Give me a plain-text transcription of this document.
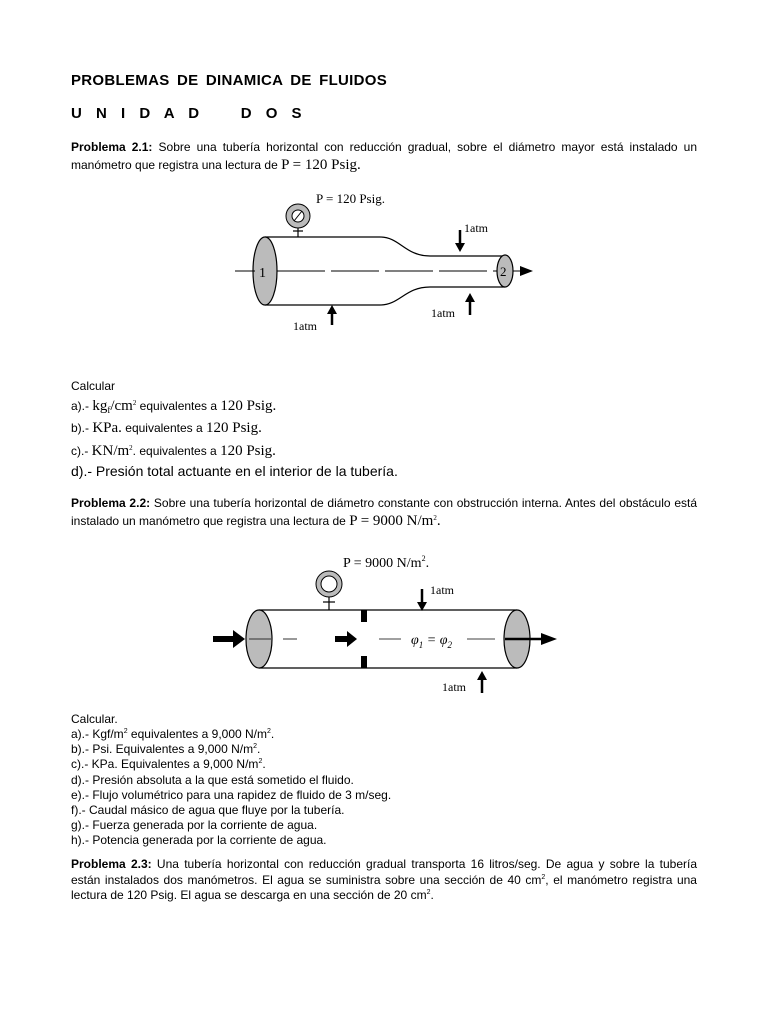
PROBLEMAS DE DINAMICA DE FLUIDOS
U N I D A D    D O S
Problema 2.1: Sobre una tubería horizontal con reducción gradual, sobre el diámetro mayor está instalado un manómetro que registra una lectura de P = 120 Psig.
P = 120 Psig.
1	2
1atm
1atm
1atm
Calcular
a).- $kg_f/cm^2$ equivalentes a 120 Psig.
b).- KPa. equivalentes a 120 Psig.
c).- $KN/m^2$. equivalentes a 120 Psig.
d).- Presión total actuante en el interior de la tubería.
Problema 2.2: Sobre una tubería horizontal de diámetro constante con obstrucción interna. Antes del obstáculo está instalado un manómetro que registra una lectura de P = 9000 $N/m^2$.
P = 9000 $N/m^2$.
$\varphi_1 = \varphi_2$
1atm
1atm
Calcular.
a).- Kgf/$m^2$ equivalentes a 9,000 $N/m^2$.
b).- Psi. Equivalentes a 9,000 $N/m^2$.
c).- KPa. Equivalentes a 9,000 $N/m^2$.
d).- Presión absoluta a la que está sometido el fluido.
e).- Flujo volumétrico para una rapidez de fluido de 3 m/seg.
f).- Caudal másico de agua que fluye por la tubería.
g).- Fuerza generada por la corriente de agua.
h).- Potencia generada por la corriente de agua.
Problema 2.3: Una tubería horizontal con reducción gradual transporta 16 litros/seg. De agua y sobre la tubería están instalados dos manómetros. El agua se suministra sobre una sección de 40 $cm^2$, el manómetro registra una lectura de 120 Psig. El agua se descarga en una sección de 20 $cm^2$.
